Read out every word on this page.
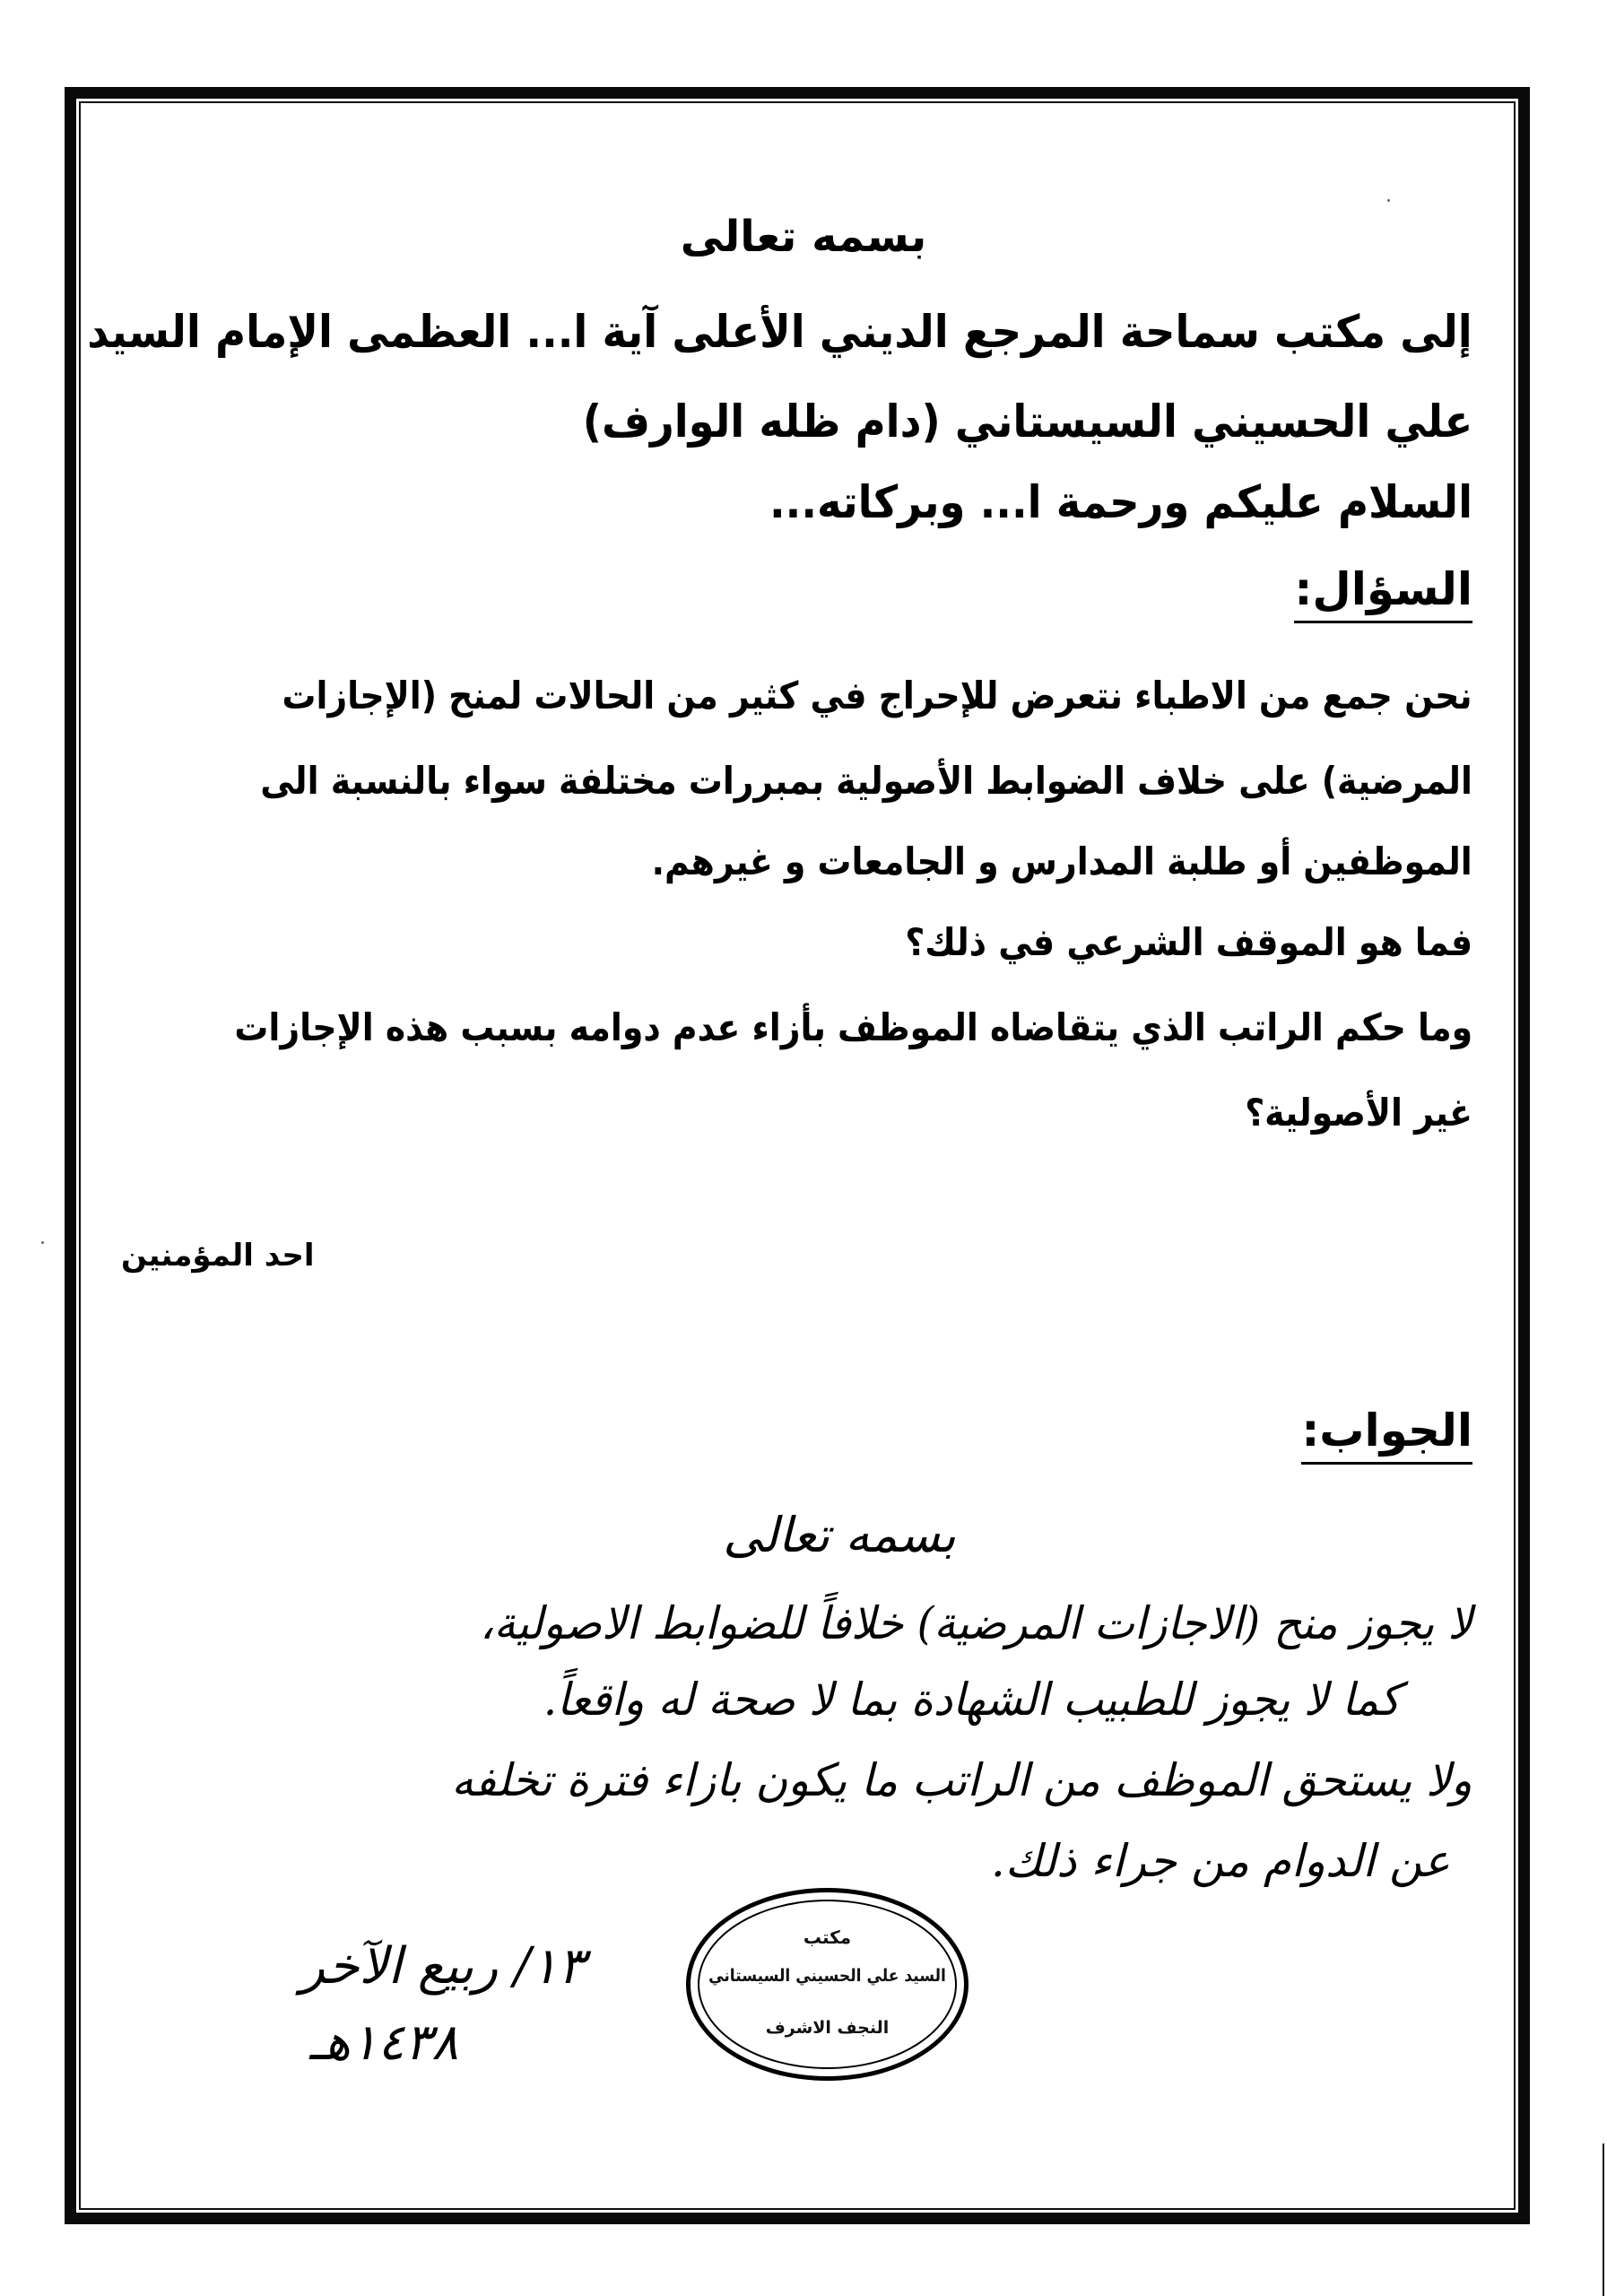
بسمه تعالى
إلى مكتب سماحة المرجع الديني الأعلى آية ا... العظمى الإمام السيد
علي الحسيني السيستاني (دام ظله الوارف)
السلام عليكم ورحمة ا... وبركاته...
السؤال:
نحن جمع من الاطباء نتعرض للإحراج في كثير من الحالات لمنح (الإجازات
المرضية) على خلاف الضوابط الأصولية بمبررات مختلفة سواء بالنسبة الى
الموظفين أو طلبة المدارس و الجامعات و غيرهم.
فما هو الموقف الشرعي في ذلك؟
وما حكم الراتب الذي يتقاضاه الموظف بأزاء عدم دوامه بسبب هذه الإجازات
غير الأصولية؟
احد المؤمنين
الجواب:
بسمه تعالى
لا يجوز منح (الاجازات المرضية) خلافاً للضوابط الاصولية،
كما لا يجوز للطبيب الشهادة بما لا صحة له واقعاً.
ولا يستحق الموظف من الراتب ما يكون بازاء فترة تخلفه
عن الدوام من جراء ذلك.
١٣/ ربيع الآخر
١٤٣٨هـ
مكتب
السيد علي الحسيني السيستاني
النجف الاشرف
